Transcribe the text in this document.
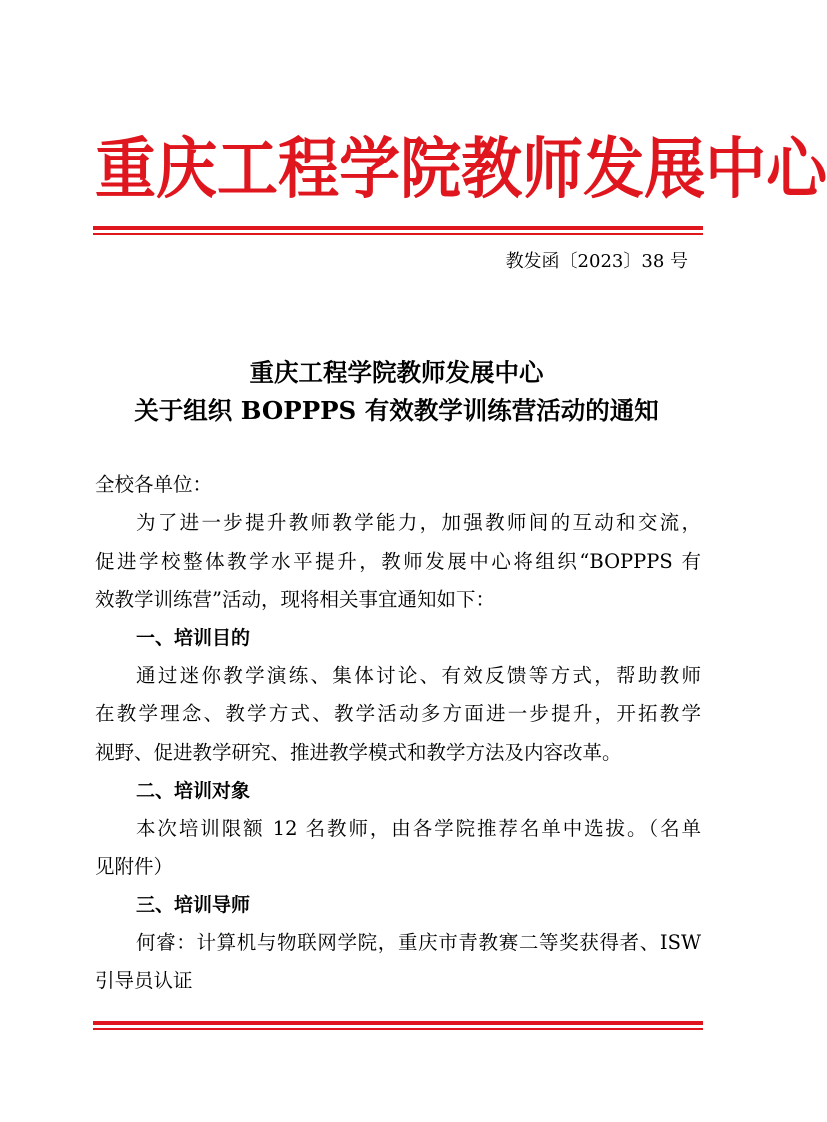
重 庆 工 程 学 院 教 师 发 展 中 心
教发函〔2023〕38 号
重庆工程学院教师发展中心
关于组织 BOPPPS 有效教学训练营活动的通知
全校各单位：
为了进一步提升教师教学能力，加强教师间的互动和交流，
促进学校整体教学水平提升，教师发展中心将组织“BOPPPS 有
效教学训练营”活动，现将相关事宜通知如下：
一、培训目的
通过迷你教学演练、集体讨论、有效反馈等方式，帮助教师
在教学理念、教学方式、教学活动多方面进一步提升，开拓教学
视野、促进教学研究、推进教学模式和教学方法及内容改革。
二、培训对象
本次培训限额 12 名教师，由各学院推荐名单中选拔。（名单
见附件）
三、培训导师
何睿：计算机与物联网学院，重庆市青教赛二等奖获得者、ISW
引导员认证
